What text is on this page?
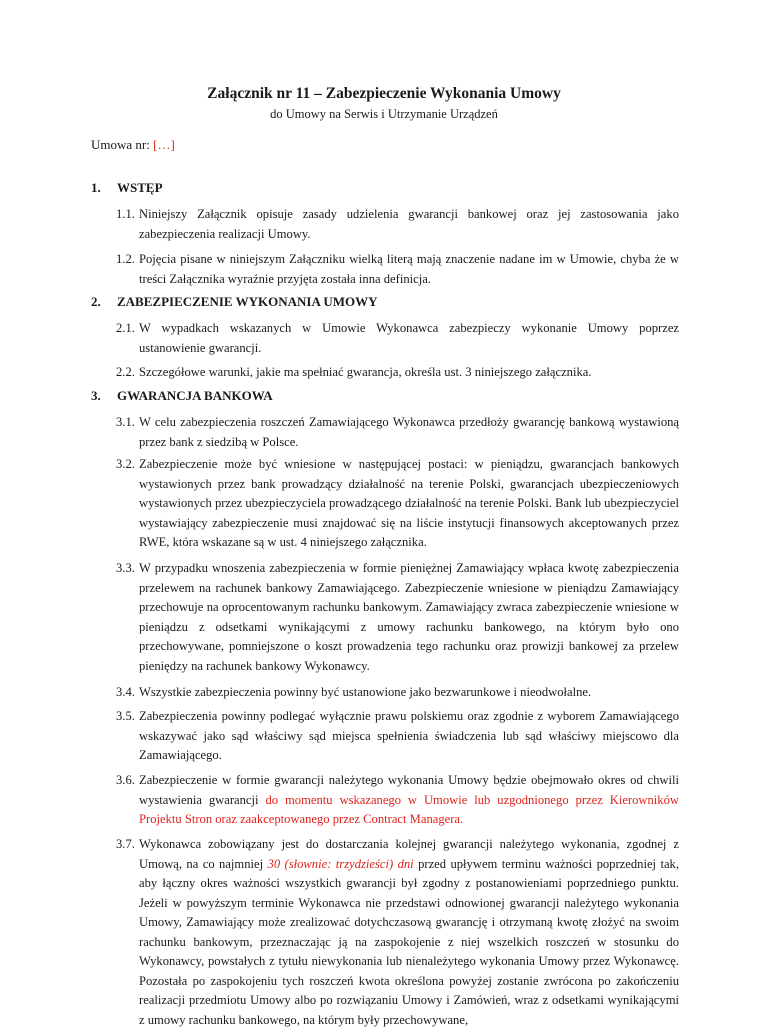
Załącznik nr 11 – Zabezpieczenie Wykonania Umowy
do Umowy na Serwis i Utrzymanie Urządzeń
Umowa nr: […]
1. WSTĘP
1.1. Niniejszy Załącznik opisuje zasady udzielenia gwarancji bankowej oraz jej zastosowania jako zabezpieczenia realizacji Umowy.
1.2. Pojęcia pisane w niniejszym Załączniku wielką literą mają znaczenie nadane im w Umowie, chyba że w treści Załącznika wyraźnie przyjęta została inna definicja.
2. ZABEZPIECZENIE WYKONANIA UMOWY
2.1. W wypadkach wskazanych w Umowie Wykonawca zabezpieczy wykonanie Umowy poprzez ustanowienie gwarancji.
2.2. Szczegółowe warunki, jakie ma spełniać gwarancja, określa ust. 3 niniejszego załącznika.
3. GWARANCJA BANKOWA
3.1. W celu zabezpieczenia roszczeń Zamawiającego Wykonawca przedłoży gwarancję bankową wystawioną przez bank z siedzibą w Polsce.
3.2. Zabezpieczenie może być wniesione w następującej postaci: w pieniądzu, gwarancjach bankowych wystawionych przez bank prowadzący działalność na terenie Polski, gwarancjach ubezpieczeniowych wystawionych przez ubezpieczyciela prowadzącego działalność na terenie Polski. Bank lub ubezpieczyciel wystawiający zabezpieczenie musi znajdować się na liście instytucji finansowych akceptowanych przez RWE, która wskazane są w ust. 4 niniejszego załącznika.
3.3. W przypadku wnoszenia zabezpieczenia w formie pieniężnej Zamawiający wpłaca kwotę zabezpieczenia przelewem na rachunek bankowy Zamawiającego. Zabezpieczenie wniesione w pieniądzu Zamawiający przechowuje na oprocentowanym rachunku bankowym. Zamawiający zwraca zabezpieczenie wniesione w pieniądzu z odsetkami wynikającymi z umowy rachunku bankowego, na którym było ono przechowywane, pomniejszone o koszt prowadzenia tego rachunku oraz prowizji bankowej za przelew pieniędzy na rachunek bankowy Wykonawcy.
3.4. Wszystkie zabezpieczenia powinny być ustanowione jako bezwarunkowe i nieodwołalne.
3.5. Zabezpieczenia powinny podlegać wyłącznie prawu polskiemu oraz zgodnie z wyborem Zamawiającego wskazywać jako sąd właściwy sąd miejsca spełnienia świadczenia lub sąd właściwy miejscowo dla Zamawiającego.
3.6. Zabezpieczenie w formie gwarancji należytego wykonania Umowy będzie obejmowało okres od chwili wystawienia gwarancji do momentu wskazanego w Umowie lub uzgodnionego przez Kierowników Projektu Stron oraz zaakceptowanego przez Contract Managera.
3.7. Wykonawca zobowiązany jest do dostarczania kolejnej gwarancji należytego wykonania, zgodnej z Umową, na co najmniej 30 (słownie: trzydzieści) dni przed upływem terminu ważności poprzedniej tak, aby łączny okres ważności wszystkich gwarancji był zgodny z postanowieniami poprzedniego punktu. Jeżeli w powyższym terminie Wykonawca nie przedstawi odnowionej gwarancji należytego wykonania Umowy, Zamawiający może zrealizować dotychczasową gwarancję i otrzymaną kwotę złożyć na swoim rachunku bankowym, przeznaczając ją na zaspokojenie z niej wszelkich roszczeń w stosunku do Wykonawcy, powstałych z tytułu niewykonania lub nienależytego wykonania Umowy przez Wykonawcę. Pozostała po zaspokojeniu tych roszczeń kwota określona powyżej zostanie zwrócona po zakończeniu realizacji przedmiotu Umowy albo po rozwiązaniu Umowy i Zamówień, wraz z odsetkami wynikającymi z umowy rachunku bankowego, na którym były przechowywane,
